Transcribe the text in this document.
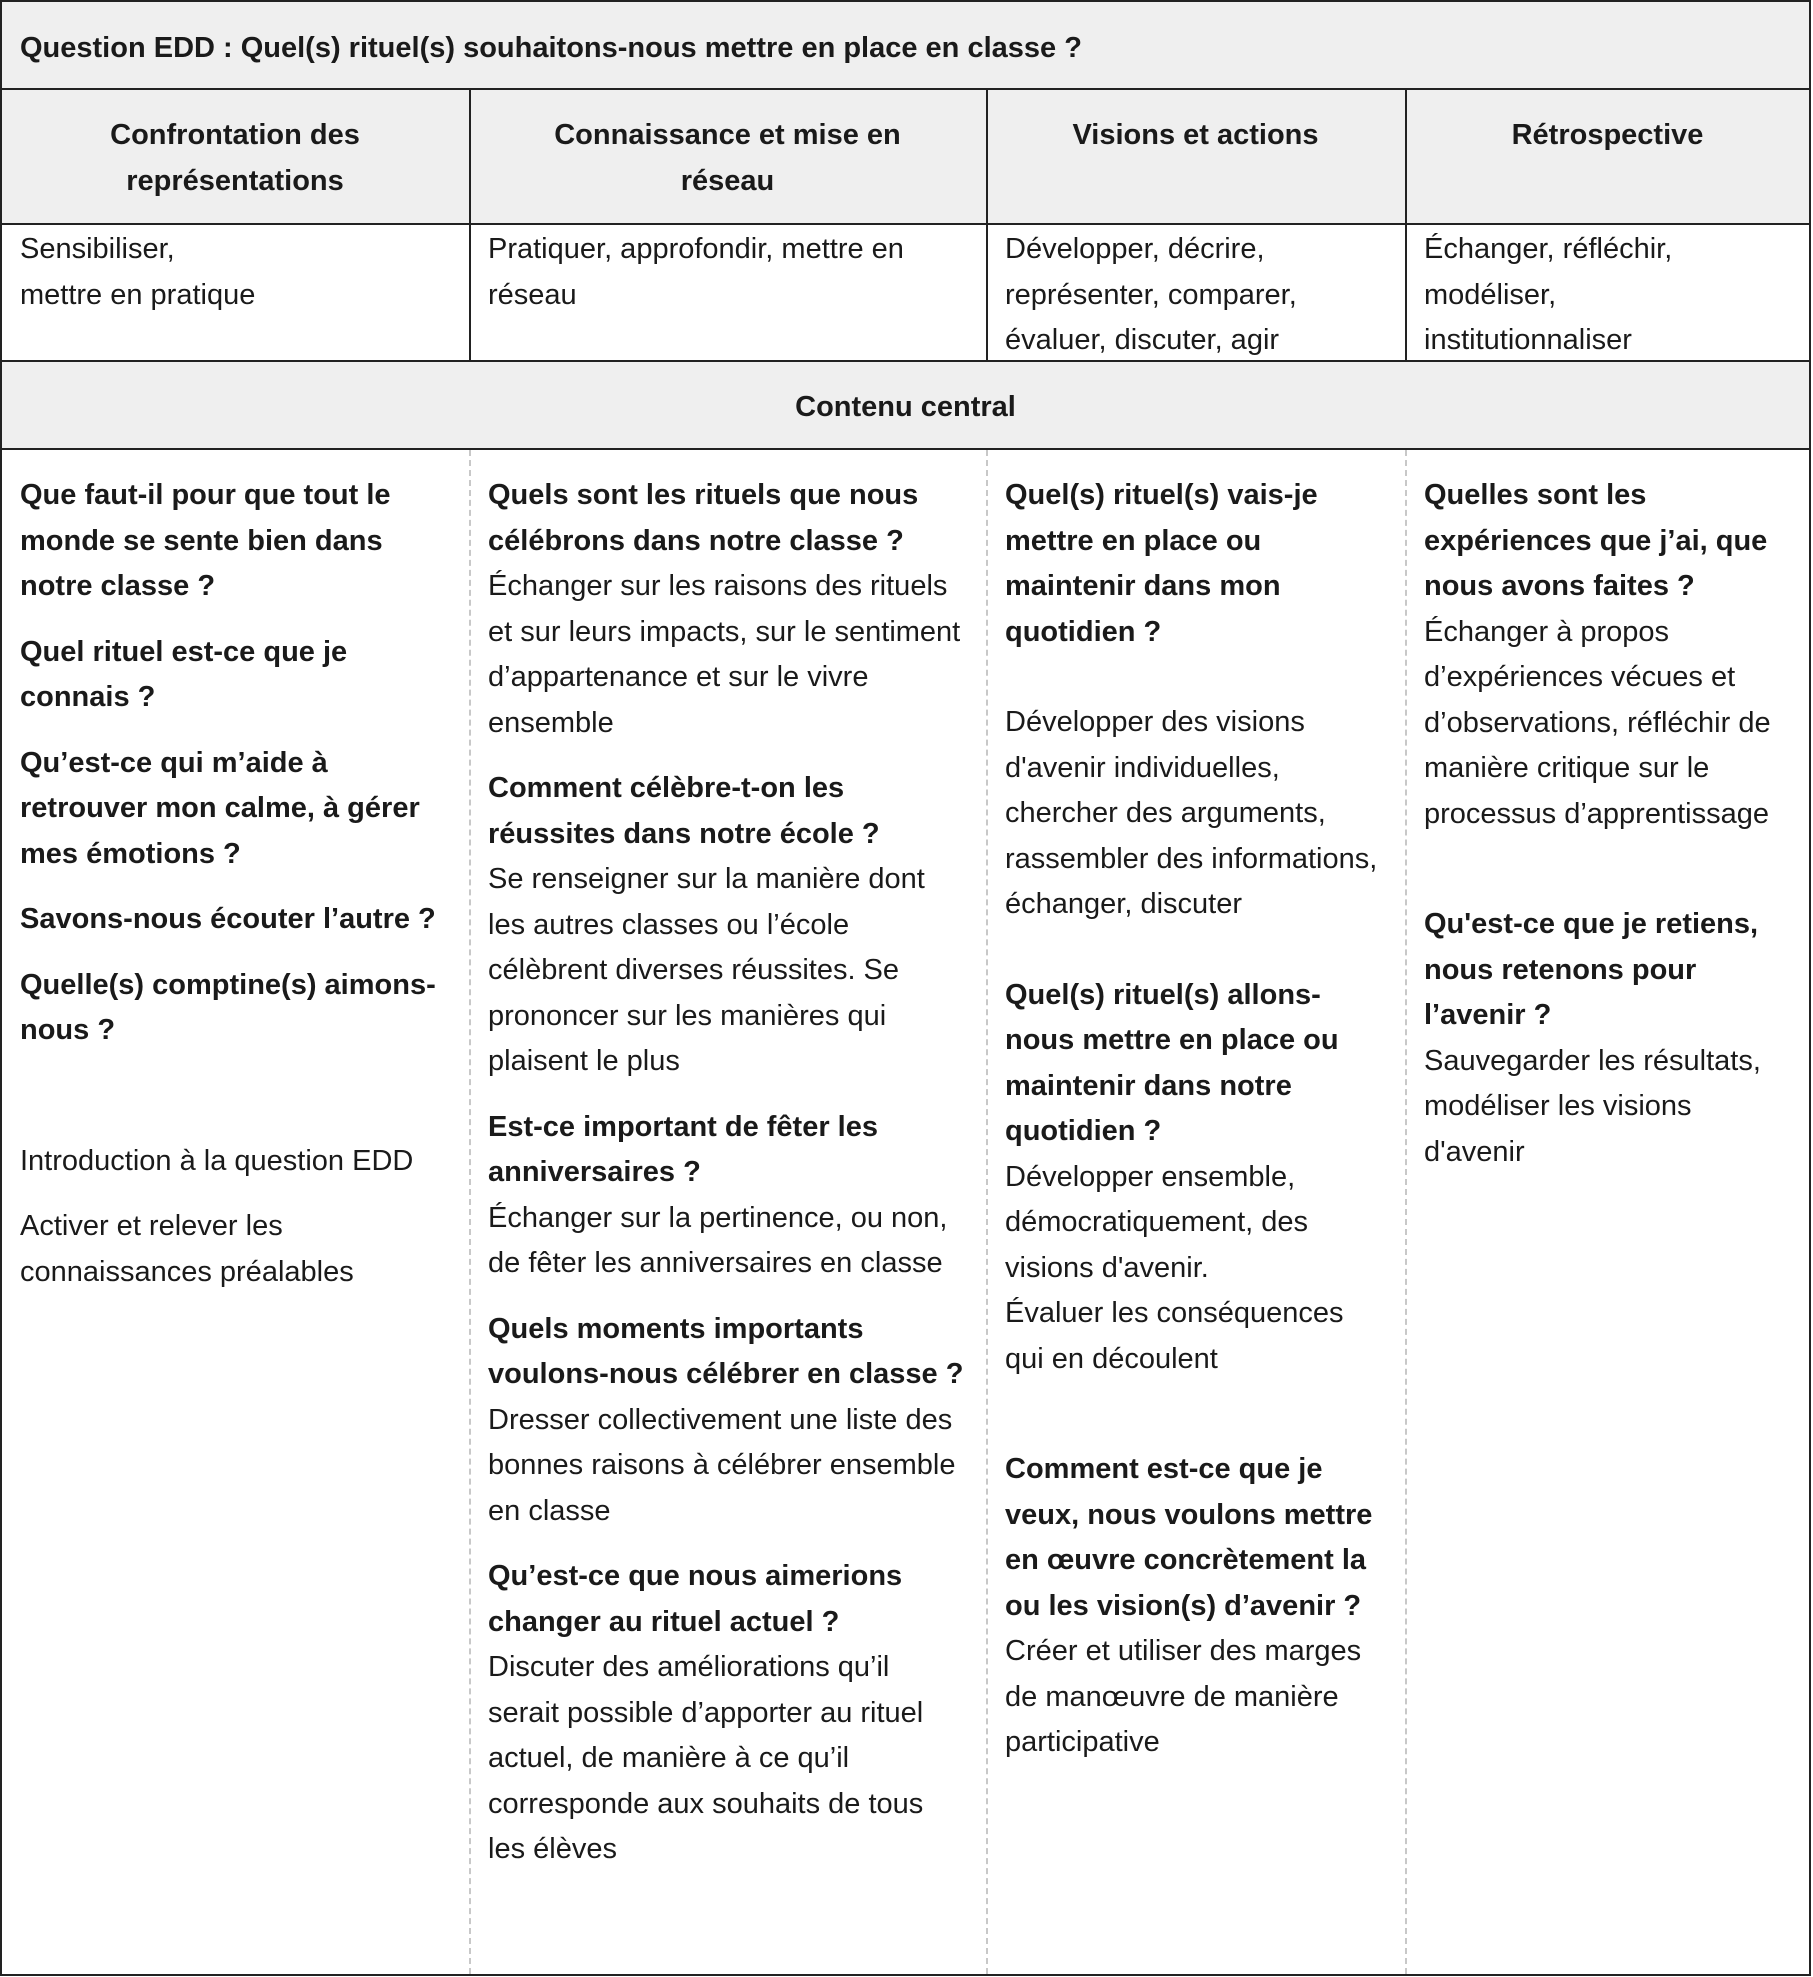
Question EDD : Quel(s) rituel(s) souhaitons-nous mettre en place en classe ?
Confrontation des représentations
Connaissance et mise en réseau
Visions et actions	Rétrospective
Sensibiliser,
mettre en pratique
Pratiquer, approfondir, mettre en réseau
Développer, décrire, représenter, comparer, évaluer, discuter, agir
Échanger, réfléchir, modéliser, institutionnaliser
Contenu central
Que faut-il pour que tout le monde se sente bien dans notre classe ?
Quel rituel est-ce que je connais ?
Qu’est-ce qui m’aide à retrouver mon calme, à gérer mes émotions ?
Savons-nous écouter l’autre ?
Quelle(s) comptine(s) aimons-nous ?
Introduction à la question EDD
Activer et relever les connaissances préalables
Quels sont les rituels que nous célébrons dans notre classe ?
Échanger sur les raisons des rituels et sur leurs impacts, sur le sentiment d’appartenance et sur le vivre ensemble
Comment célèbre-t-on les réussites dans notre école ?
Se renseigner sur la manière dont les autres classes ou l’école célèbrent diverses réussites. Se prononcer sur les manières qui plaisent le plus
Est-ce important de fêter les anniversaires ?
Échanger sur la pertinence, ou non, de fêter les anniversaires en classe
Quels moments importants voulons-nous célébrer en classe ?
Dresser collectivement une liste des bonnes raisons à célébrer ensemble en classe
Qu’est-ce que nous aimerions changer au rituel actuel ?
Discuter des améliorations qu’il serait possible d’apporter au rituel actuel, de manière à ce qu’il corresponde aux souhaits de tous les élèves
Quel(s) rituel(s) vais-je mettre en place ou maintenir dans mon quotidien ?
Développer des visions d'avenir individuelles, chercher des arguments, rassembler des informations, échanger, discuter
Quel(s) rituel(s) allons-nous mettre en place ou maintenir dans notre quotidien ?
Développer ensemble, démocratiquement, des visions d'avenir.
Évaluer les conséquences qui en découlent
Comment est-ce que je veux, nous voulons mettre en œuvre concrètement la ou les vision(s) d’avenir ?
Créer et utiliser des marges de manœuvre de manière participative
Quelles sont les expériences que j’ai, que nous avons faites ?
Échanger à propos d’expériences vécues et d’observations, réfléchir de manière critique sur le processus d’apprentissage
Qu'est-ce que je retiens, nous retenons pour l’avenir ?
Sauvegarder les résultats, modéliser les visions d'avenir
